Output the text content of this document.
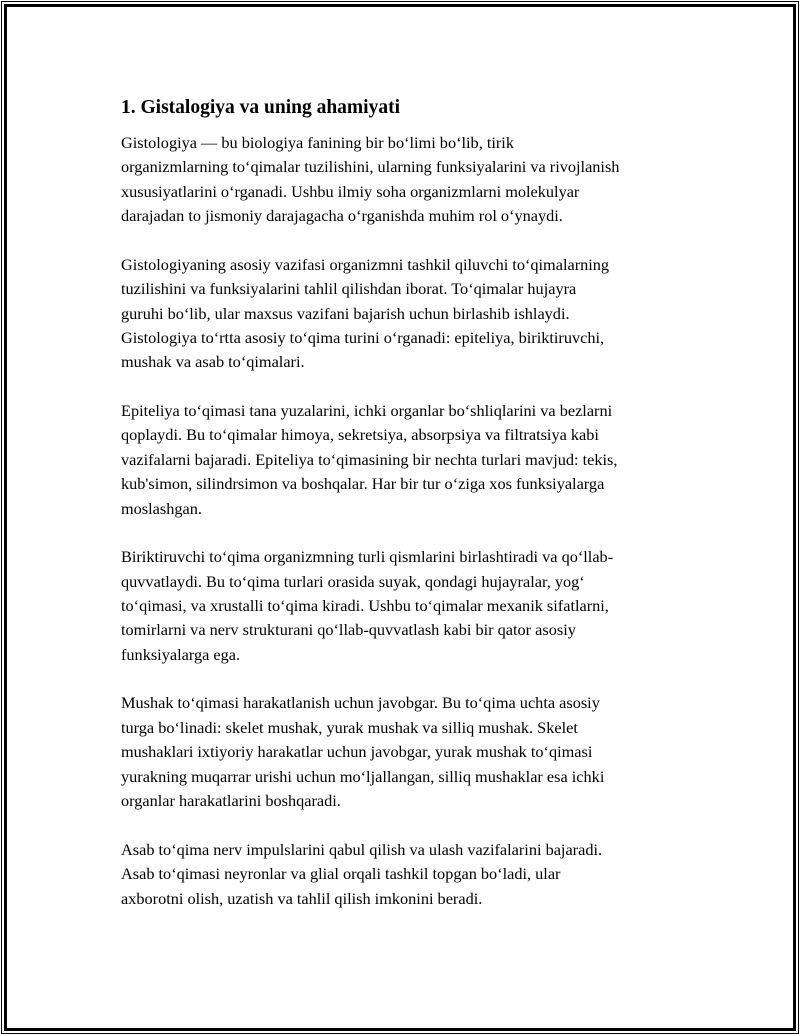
1. Gistalogiya va uning ahamiyati

Gistologiya — bu biologiya fanining bir boʻlimi boʻlib, tirik
organizmlarning toʻqimalar tuzilishini, ularning funksiyalarini va rivojlanish
xususiyatlarini oʻrganadi. Ushbu ilmiy soha organizmlarni molekulyar
darajadan to jismoniy darajagacha oʻrganishda muhim rol oʻynaydi.

Gistologiyaning asosiy vazifasi organizmni tashkil qiluvchi toʻqimalarning
tuzilishini va funksiyalarini tahlil qilishdan iborat. Toʻqimalar hujayra
guruhi boʻlib, ular maxsus vazifani bajarish uchun birlashib ishlaydi.
Gistologiya toʻrtta asosiy toʻqima turini oʻrganadi: epiteliya, biriktiruvchi,
mushak va asab toʻqimalari.

Epiteliya toʻqimasi tana yuzalarini, ichki organlar boʻshliqlarini va bezlarni
qoplaydi. Bu toʻqimalar himoya, sekretsiya, absorpsiya va filtratsiya kabi
vazifalarni bajaradi. Epiteliya toʻqimasining bir nechta turlari mavjud: tekis,
kub'simon, silindrsimon va boshqalar. Har bir tur oʻziga xos funksiyalarga
moslashgan.

Biriktiruvchi toʻqima organizmning turli qismlarini birlashtiradi va qoʻllab-
quvvatlaydi. Bu toʻqima turlari orasida suyak, qondagi hujayralar, yogʻ
toʻqimasi, va xrustalli toʻqima kiradi. Ushbu toʻqimalar mexanik sifatlarni,
tomirlarni va nerv strukturani qoʻllab-quvvatlash kabi bir qator asosiy
funksiyalarga ega.

Mushak toʻqimasi harakatlanish uchun javobgar. Bu toʻqima uchta asosiy
turga boʻlinadi: skelet mushak, yurak mushak va silliq mushak. Skelet
mushaklari ixtiyoriy harakatlar uchun javobgar, yurak mushak toʻqimasi
yurakning muqarrar urishi uchun moʻljallangan, silliq mushaklar esa ichki
organlar harakatlarini boshqaradi.

Asab toʻqima nerv impulslarini qabul qilish va ulash vazifalarini bajaradi.
Asab toʻqimasi neyronlar va glial orqali tashkil topgan boʻladi, ular
axborotni olish, uzatish va tahlil qilish imkonini beradi.
